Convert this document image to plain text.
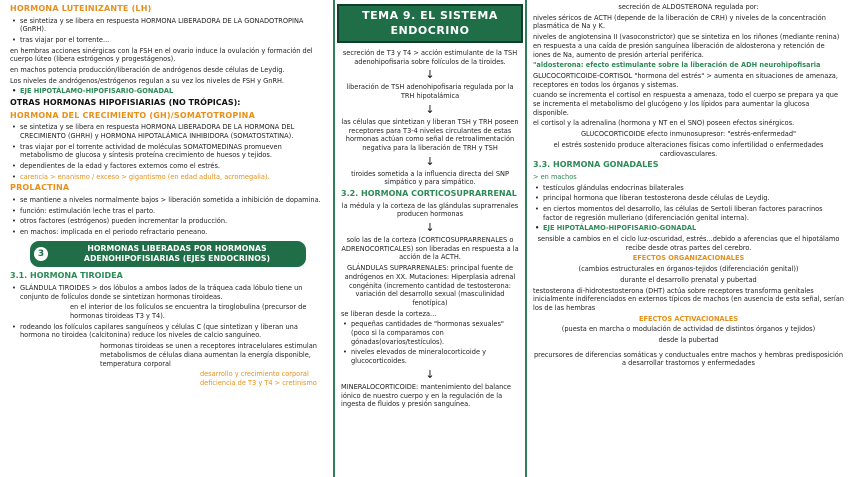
HORMONA LUTEINIZANTE (LH)

• se sintetiza y se libera en respuesta HORMONA LIBERADORA DE LA GONADOTROPINA (GnRH).

• tras viajar por el torrente...

en hembras acciones sinérgicas con la FSH en el ovario induce la ovulación y formación del cuerpo lúteo (libera estrógenos y progestágenos).

en machos potencia producción/liberación de andrógenos desde células de Leydig.

Los niveles de andrógenos/estrógenos regulan a su vez los niveles de FSH y GnRH.

• EJE HIPOTÁLAMO-HIPOFISARIO-GONADAL

OTRAS HORMONAS HIPOFISIARIAS (NO TRÓPICAS):

HORMONA DEL CRECIMIENTO (GH)/SOMATOTROPINA

• se sintetiza y se libera en respuesta HORMONA LIBERADORA DE LA HORMONA DEL CRECIMIENTO (GHRH) y HORMONA HIPOTALÁMICA INHIBIDORA (SOMATOSTATINA).

• tras viajar por el torrente actividad de moléculas SOMATOMEDINAS promueven metabolismo de glucosa y síntesis proteína crecimiento de huesos y tejidos.

• dependientes de la edad y factores externos como el estrés.

• carencia > enanismo / exceso > gigantismo (en edad adulta, acromegalia).

PROLACTINA

• se mantiene a niveles normalmente bajos > liberación sometida a inhibición de dopamina.

• función: estimulación leche tras el parto.

• otros factores (estrógenos) pueden incrementar la producción.

• en machos: implicada en el periodo refractario peneano.

3
HORMONAS LIBERADAS POR HORMONAS ADENOHIPOFISIARIAS (EJES ENDOCRINOS)

3.1. HORMONA TIROIDEA

• GLÁNDULA TIROIDES > dos lóbulos a ambos lados de la tráquea cada lóbulo tiene un conjunto de folículos donde se sintetizan hormonas tiroideas.

en el interior de los folículos se encuentra la tiroglobulina (precursor de hormonas tiroideas T3 y T4).

• rodeando los folículos capilares sanguíneos y células C (que sintetizan y liberan una hormona no tiroidea (calcitonina) reduce los niveles de calcio sanguíneo.

hormonas tiroideas se unen a receptores intracelulares estimulan metabolismos de células diana aumentan la energía disponible, temperatura corporal

desarrollo y crecimiento corporal deficiencia de T3 y T4 > cretinismo

TEMA 9. EL SISTEMA ENDOCRINO

secreción de T3 y T4 > acción estimulante de la TSH adenohipofisaria sobre folículos de la tiroides.

↓

liberación de TSH adenohipofisaria regulada por la TRH hipotalámica

↓

las células que sintetizan y liberan TSH y TRH poseen receptores para T3-4 niveles circulantes de estas hormonas actúan como señal de retroalimentación negativa para la liberación de TRH y TSH

↓

tiroides sometida a la influencia directa del SNP simpático y para simpático.

3.2. HORMONA CORTICOSUPRARRENAL

la médula y la corteza de las glándulas suprarrenales producen hormonas

↓

solo las de la corteza (CORTICOSUPRARRENALES o ADRENOCORTICALES) son liberadas en respuesta a la acción de la ACTH.

GLÁNDULAS SUPRARRENALES: principal fuente de andrógenos en XX. Mutaciones: Hiperplasia adrenal congénita (incremento cantidad de testosterona: variación del desarrollo sexual (masculinidad fenotípica)

se liberan desde la corteza...

• pequeñas cantidades de "hormonas sexuales" (poco si la comparamos con gónadas(ovarios/testículos).

• niveles elevados de mineralocorticoide y glucocorticoides.

↓

MINERALOCORTICOIDE: mantenimiento del balance iónico de nuestro cuerpo y en la regulación de la ingesta de fluidos y presión sanguínea.

secreción de ALDOSTERONA regulada por:

niveles séricos de ACTH (depende de la liberación de CRH) y niveles de la concentración plasmática de Na y K.

niveles de angiotensina II (vasoconstrictor) que se sintetiza en los riñones (mediante renina) en respuesta a una caída de presión sanguínea liberación de aldosterona y retención de iones de Na, aumento de presión arterial periférica.

"aldosterona: efecto estimulante sobre la liberación de ADH neurohipofisaria

GLUCOCORTICOIDE-CORTISOL "hormona del estrés" > aumenta en situaciones de amenaza, receptores en todos los órganos y sistemas.

cuando se incrementa el cortisol en respuesta a amenaza, todo el cuerpo se prepara ya que se incrementa el metabolismo del glucógeno y los lípidos para aumentar la glucosa disponible.

el cortisol y la adrenalina (hormona y NT en el SNO) poseen efectos sinérgicos.

GLUCOCORTICOIDE efecto inmunosupresor: "estrés-enfermedad"

el estrés sostenido produce alteraciones físicas como infertilidad o enfermedades cardiovasculares.

3.3. HORMONA GONADALES

> en machos

• testículos glándulas endocrinas bilaterales

• principal hormona que liberan testosterona desde células de Leydig.

• en ciertos momentos del desarrollo, las células de Sertoli liberan factores paracrinos factor de regresión mulleriano (diferenciación genital interna).

• EJE HIPOTÁLAMO-HIPOFISARIO-GONADAL

sensible a cambios en el ciclo luz-oscuridad, estrés...debido a aferencias que el hipotálamo recibe desde otras partes del cerebro.

EFECTOS ORGANIZACIONALES

(cambios estructurales en órganos-tejidos (diferenciación genital))

durante el desarrollo prenatal y pubertad

testosterona di-hidrotestosterona (DHT) actúa sobre receptores transforma genitales inicialmente indiferenciados en externos típicos de machos (en ausencia de esta señal, serían los de las hembras

EFECTOS ACTIVACIONALES

(puesta en marcha o modulación de actividad de distintos órganos y tejidos)

desde la pubertad

precursores de diferencias somáticas y conductuales entre machos y hembras predisposición a desarrollar trastornos y enfermedades
